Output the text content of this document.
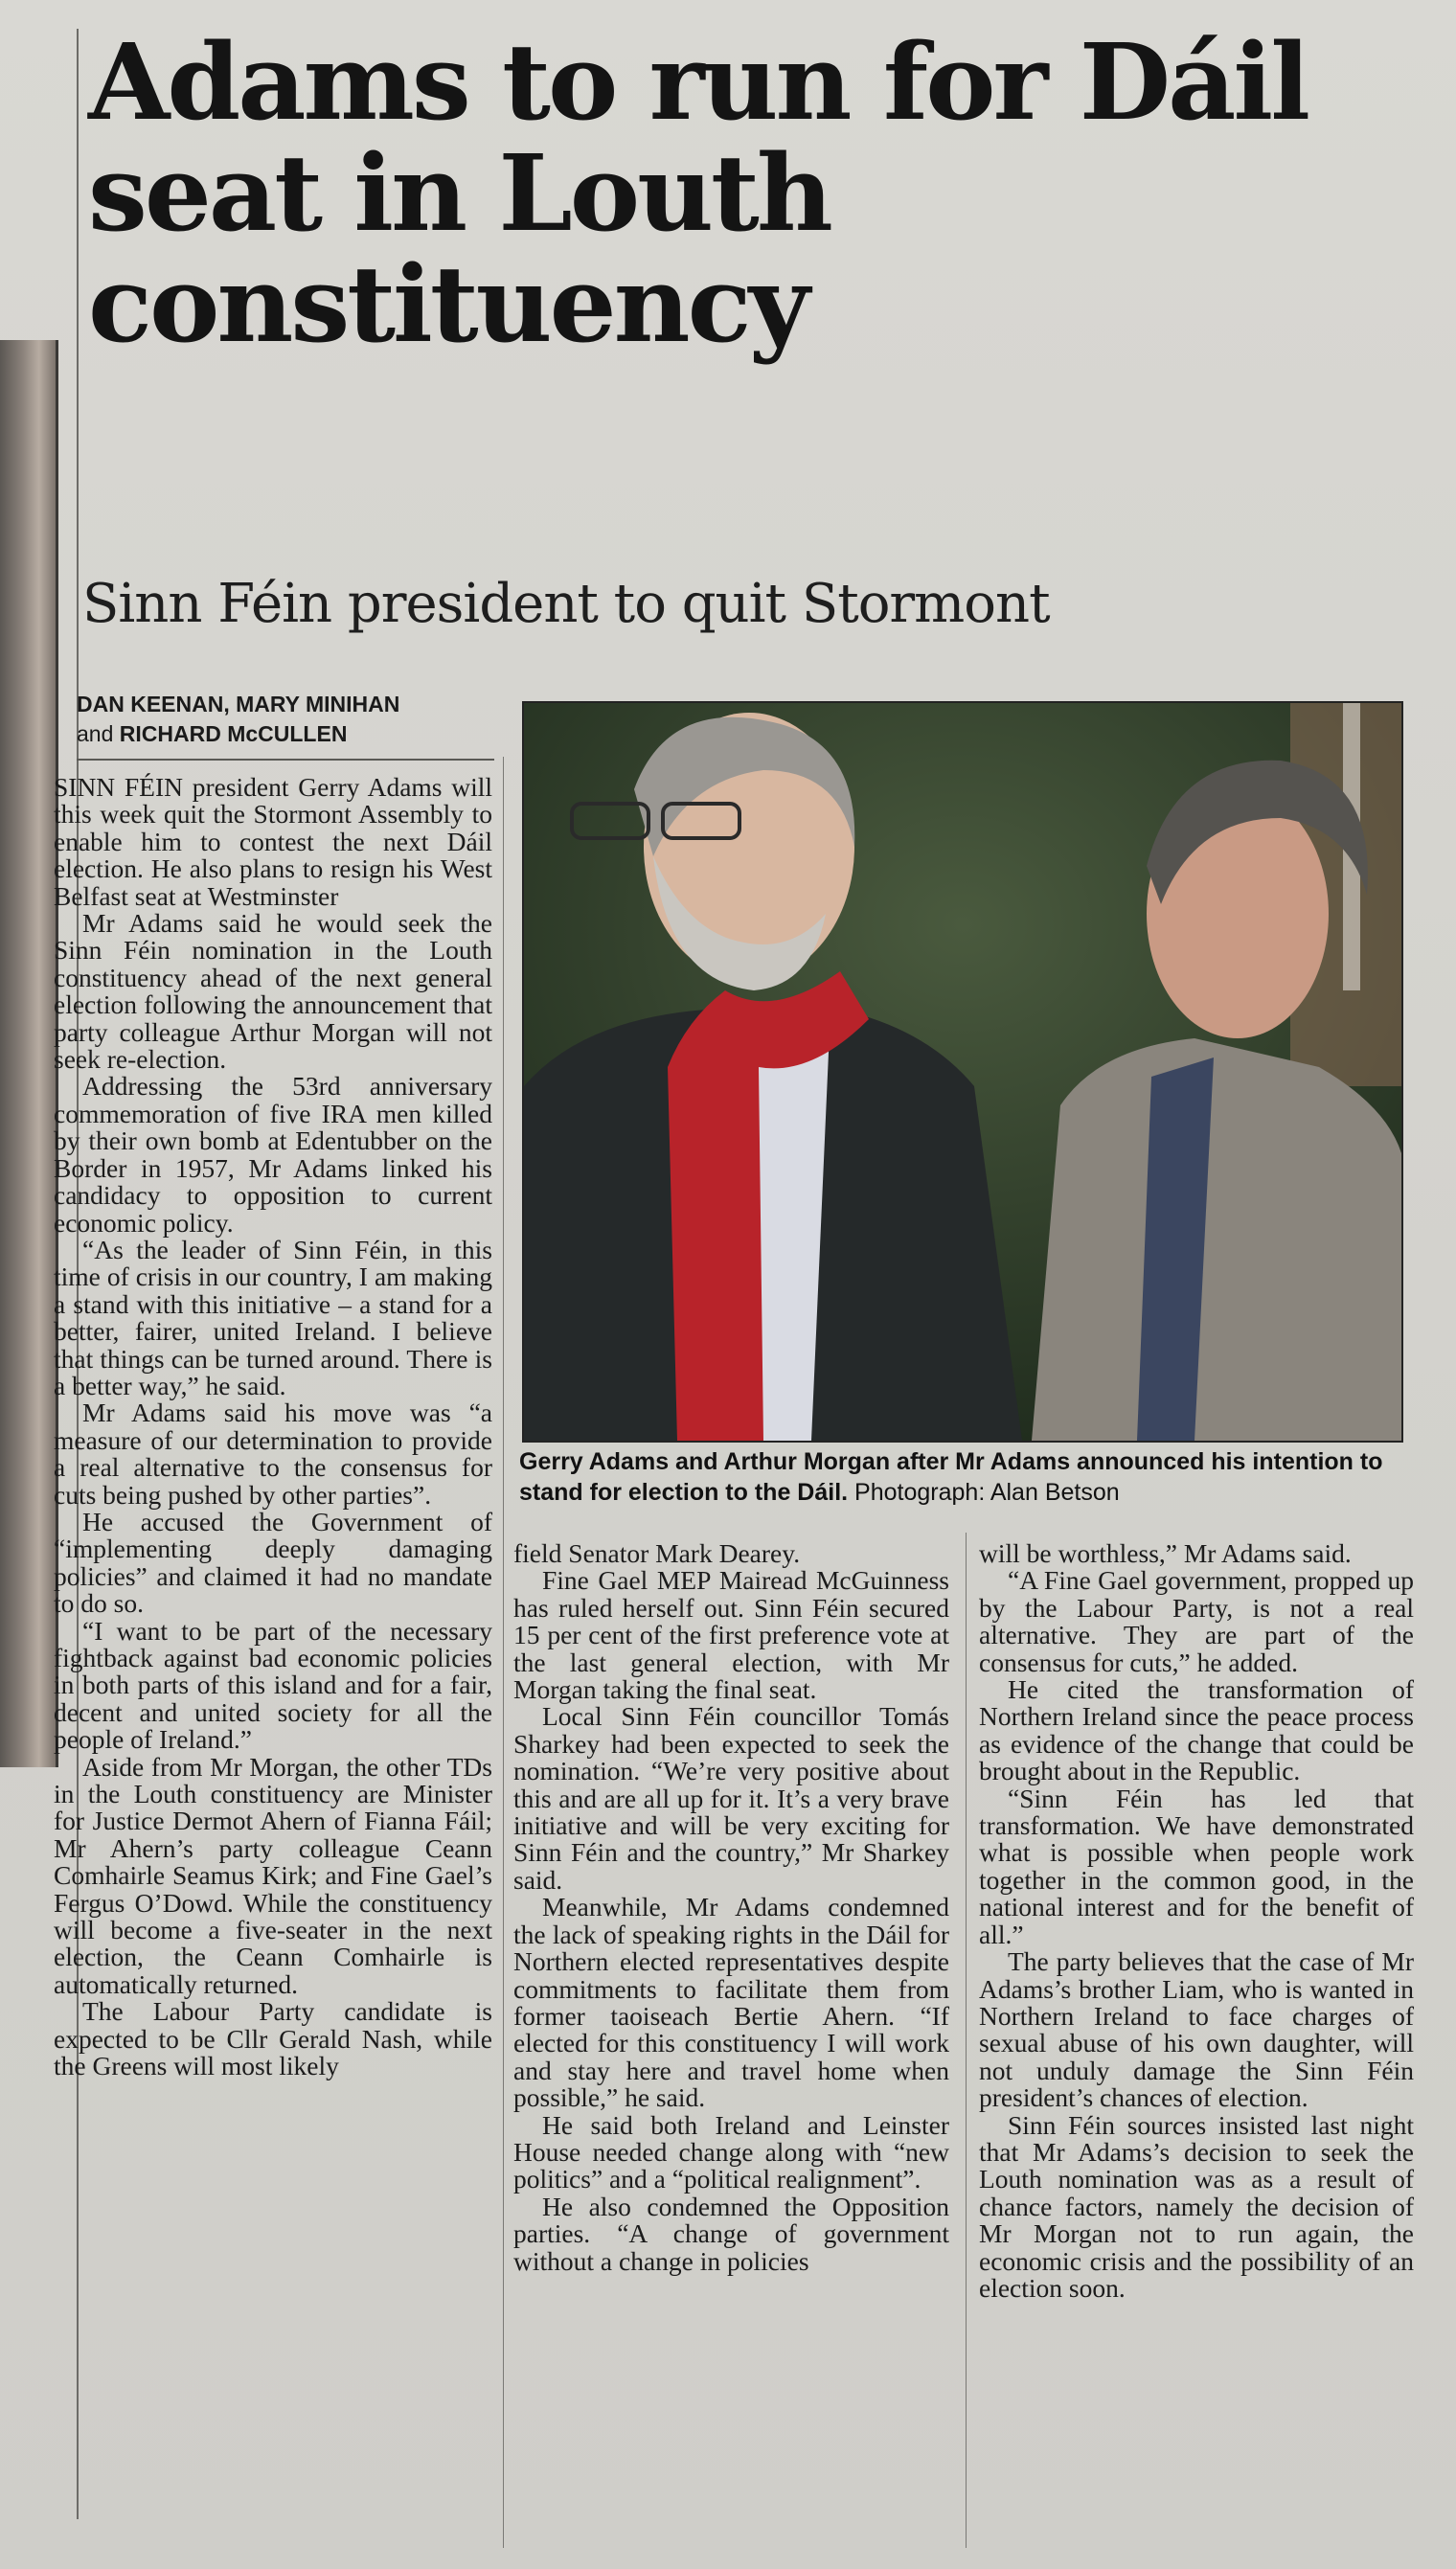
Adams to run for Dáil seat in Louth constituency
Sinn Féin president to quit Stormont
DAN KEENAN, MARY MINIHAN
and RICHARD McCULLEN
Gerry Adams and Arthur Morgan after Mr Adams announced his intention to stand for election to the Dáil. Photograph: Alan Betson

SINN FÉIN president Gerry Adams will this week quit the Stormont Assembly to enable him to contest the next Dáil election. He also plans to resign his West Belfast seat at Westminster

Mr Adams said he would seek the Sinn Féin nomination in the Louth constituency ahead of the next general election following the announcement that party colleague Arthur Morgan will not seek re-election.

Addressing the 53rd anniversary commemoration of five IRA men killed by their own bomb at Edentubber on the Border in 1957, Mr Adams linked his candidacy to opposition to current economic policy.

“As the leader of Sinn Féin, in this time of crisis in our country, I am making a stand with this initiative – a stand for a better, fairer, united Ireland. I believe that things can be turned around. There is a better way,” he said.

Mr Adams said his move was “a measure of our determination to provide a real alternative to the consensus for cuts being pushed by other parties”.

He accused the Government of “implementing deeply damaging policies” and claimed it had no mandate to do so.

“I want to be part of the necessary fightback against bad economic policies in both parts of this island and for a fair, decent and united society for all the people of Ireland.”

Aside from Mr Morgan, the other TDs in the Louth constituency are Minister for Justice Dermot Ahern of Fianna Fáil; Mr Ahern’s party colleague Ceann Comhairle Seamus Kirk; and Fine Gael’s Fergus O’Dowd. While the constituency will become a five-seater in the next election, the Ceann Comhairle is automatically returned.

The Labour Party candidate is expected to be Cllr Gerald Nash, while the Greens will most likely

field Senator Mark Dearey.

Fine Gael MEP Mairead McGuinness has ruled herself out. Sinn Féin secured 15 per cent of the first preference vote at the last general election, with Mr Morgan taking the final seat.

Local Sinn Féin councillor Tomás Sharkey had been expected to seek the nomination. “We’re very positive about this and are all up for it. It’s a very brave initiative and will be very exciting for Sinn Féin and the country,” Mr Sharkey said.

Meanwhile, Mr Adams condemned the lack of speaking rights in the Dáil for Northern elected representatives despite commitments to facilitate them from former taoiseach Bertie Ahern. “If elected for this constituency I will work and stay here and travel home when possible,” he said.

He said both Ireland and Leinster House needed change along with “new politics” and a “political realignment”.

He also condemned the Opposition parties. “A change of government without a change in policies

will be worthless,” Mr Adams said.

“A Fine Gael government, propped up by the Labour Party, is not a real alternative. They are part of the consensus for cuts,” he added.

He cited the transformation of Northern Ireland since the peace process as evidence of the change that could be brought about in the Republic.

“Sinn Féin has led that transformation. We have demonstrated what is possible when people work together in the common good, in the national interest and for the benefit of all.”

The party believes that the case of Mr Adams’s brother Liam, who is wanted in Northern Ireland to face charges of sexual abuse of his own daughter, will not unduly damage the Sinn Féin president’s chances of election.

Sinn Féin sources insisted last night that Mr Adams’s decision to seek the Louth nomination was as a result of chance factors, namely the decision of Mr Morgan not to run again, the economic crisis and the possibility of an election soon.
